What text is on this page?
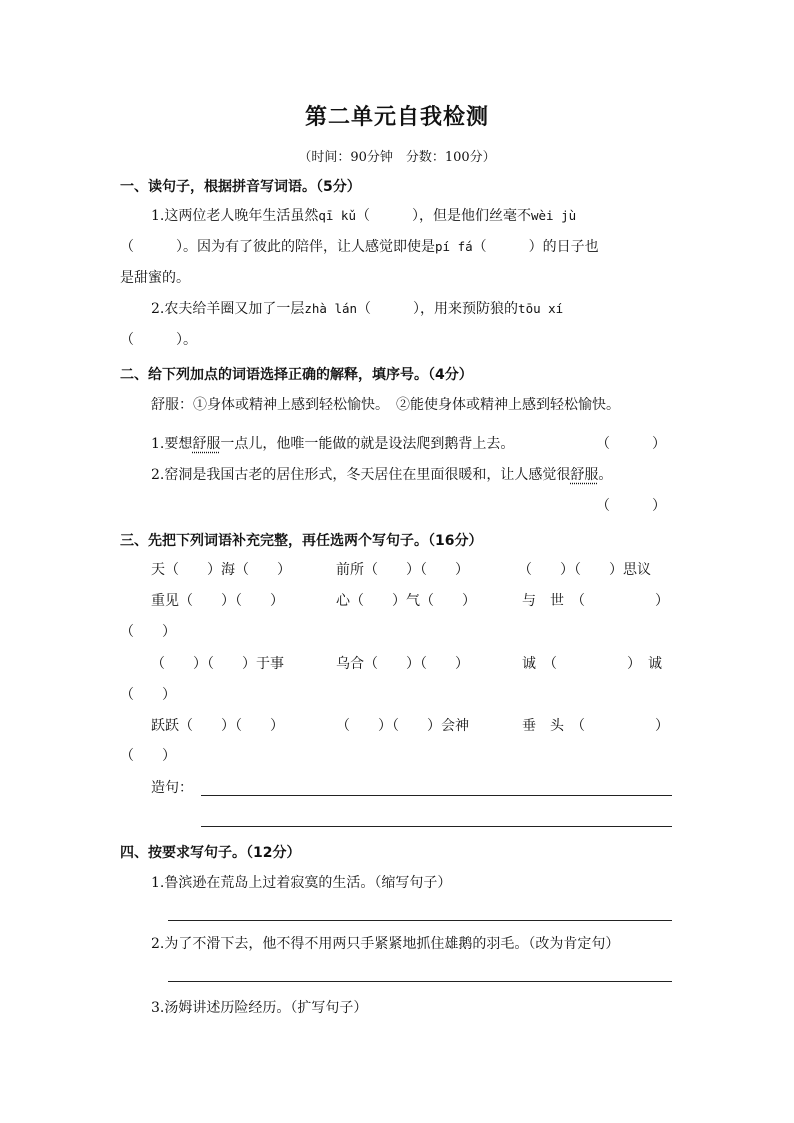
第二单元自我检测
（时间：90分钟　分数：100分）
一、读句子，根据拼音写词语。（5分）
1.这两位老人晚年生活虽然qī kǔ（　　　），但是他们丝毫不wèi jù
（　　　）。因为有了彼此的陪伴，让人感觉即使是pí fá（　　　）的日子也
是甜蜜的。
2.农夫给羊圈又加了一层zhà lán（　　　），用来预防狼的tōu xí
（　　　）。
二、给下列加点的词语选择正确的解释，填序号。（4分）
舒服：①身体或精神上感到轻松愉快。　②能使身体或精神上感到轻松愉快。
1.要想舒服一点儿，他唯一能做的就是设法爬到鹅背上去。	（　　　）
2.窑洞是我国古老的居住形式，冬天居住在里面很暖和，让人感觉很舒服。
（　　　）
三、先把下列词语补充完整，再任选两个写句子。（16分）
天（　　）海（　　）	前所（　　）（　　）	（　　）（　　）思议
重见（　　）（　　）	心（　　）气（　　）	与　世　（　　　　　）
（　　）
（　　）（　　）于事	乌合（　　）（　　）	诚　（　　　　　）　诚
（　　）
跃跃（　　）（　　）	（　　）（　　）会神	垂　头　（　　　　　）
（　　）
造句：
四、按要求写句子。（12分）
1.鲁滨逊在荒岛上过着寂寞的生活。（缩写句子）
2.为了不滑下去，他不得不用两只手紧紧地抓住雄鹅的羽毛。（改为肯定句）
3.汤姆讲述历险经历。（扩写句子）
